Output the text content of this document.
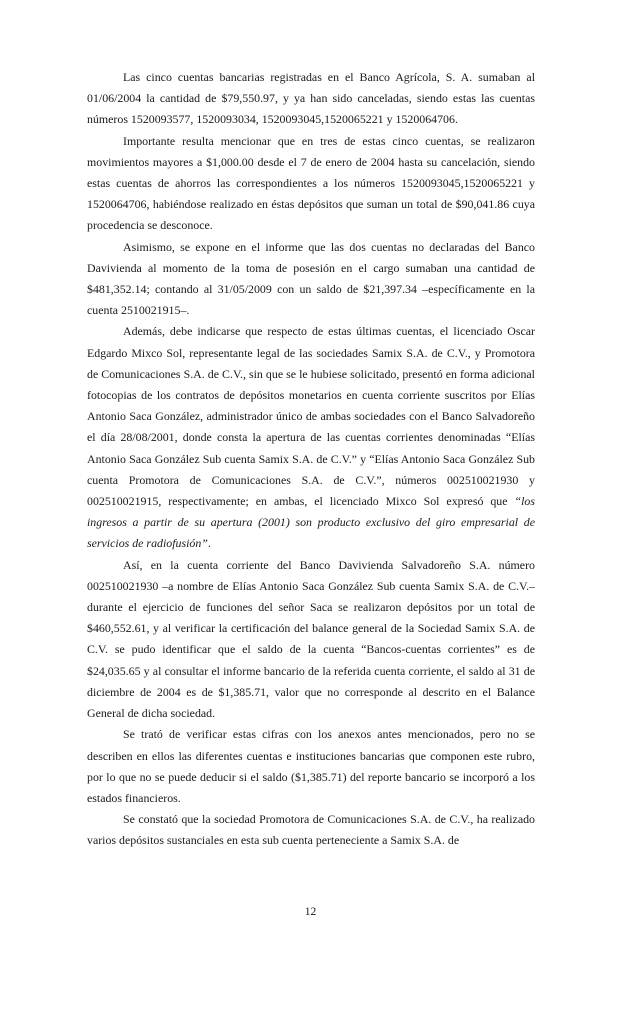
Las cinco cuentas bancarias registradas en el Banco Agrícola, S. A. sumaban al 01/06/2004 la cantidad de $79,550.97, y ya han sido canceladas, siendo estas las cuentas números 1520093577, 1520093034, 1520093045,1520065221 y 1520064706.

Importante resulta mencionar que en tres de estas cinco cuentas, se realizaron movimientos mayores a $1,000.00 desde el 7 de enero de 2004 hasta su cancelación, siendo estas cuentas de ahorros las correspondientes a los números 1520093045,1520065221 y 1520064706, habiéndose realizado en éstas depósitos que suman un total de $90,041.86 cuya procedencia se desconoce.

Asimismo, se expone en el informe que las dos cuentas no declaradas del Banco Davivienda al momento de la toma de posesión en el cargo sumaban una cantidad de $481,352.14; contando al 31/05/2009 con un saldo de $21,397.34 –específicamente en la cuenta 2510021915–.

Además, debe indicarse que respecto de estas últimas cuentas, el licenciado Oscar Edgardo Mixco Sol, representante legal de las sociedades Samix S.A. de C.V., y Promotora de Comunicaciones S.A. de C.V., sin que se le hubiese solicitado, presentó en forma adicional fotocopias de los contratos de depósitos monetarios en cuenta corriente suscritos por Elías Antonio Saca González, administrador único de ambas sociedades con el Banco Salvadoreño el día 28/08/2001, donde consta la apertura de las cuentas corrientes denominadas “Elías Antonio Saca González Sub cuenta Samix S.A. de C.V.” y “Elías Antonio Saca González Sub cuenta Promotora de Comunicaciones S.A. de C.V.”, números 002510021930 y 002510021915, respectivamente; en ambas, el licenciado Mixco Sol expresó que “los ingresos a partir de su apertura (2001) son producto exclusivo del giro empresarial de servicios de radiofusión”.

Así, en la cuenta corriente del Banco Davivienda Salvadoreño S.A. número 002510021930 –a nombre de Elías Antonio Saca González Sub cuenta Samix S.A. de C.V.– durante el ejercicio de funciones del señor Saca se realizaron depósitos por un total de $460,552.61, y al verificar la certificación del balance general de la Sociedad Samix S.A. de C.V. se pudo identificar que el saldo de la cuenta “Bancos-cuentas corrientes” es de $24,035.65 y al consultar el informe bancario de la referida cuenta corriente, el saldo al 31 de diciembre de 2004 es de $1,385.71, valor que no corresponde al descrito en el Balance General de dicha sociedad.

Se trató de verificar estas cifras con los anexos antes mencionados, pero no se describen en ellos las diferentes cuentas e instituciones bancarias que componen este rubro, por lo que no se puede deducir si el saldo ($1,385.71) del reporte bancario se incorporó a los estados financieros.

Se constató que la sociedad Promotora de Comunicaciones S.A. de C.V., ha realizado varios depósitos sustanciales en esta sub cuenta perteneciente a Samix S.A. de

12
